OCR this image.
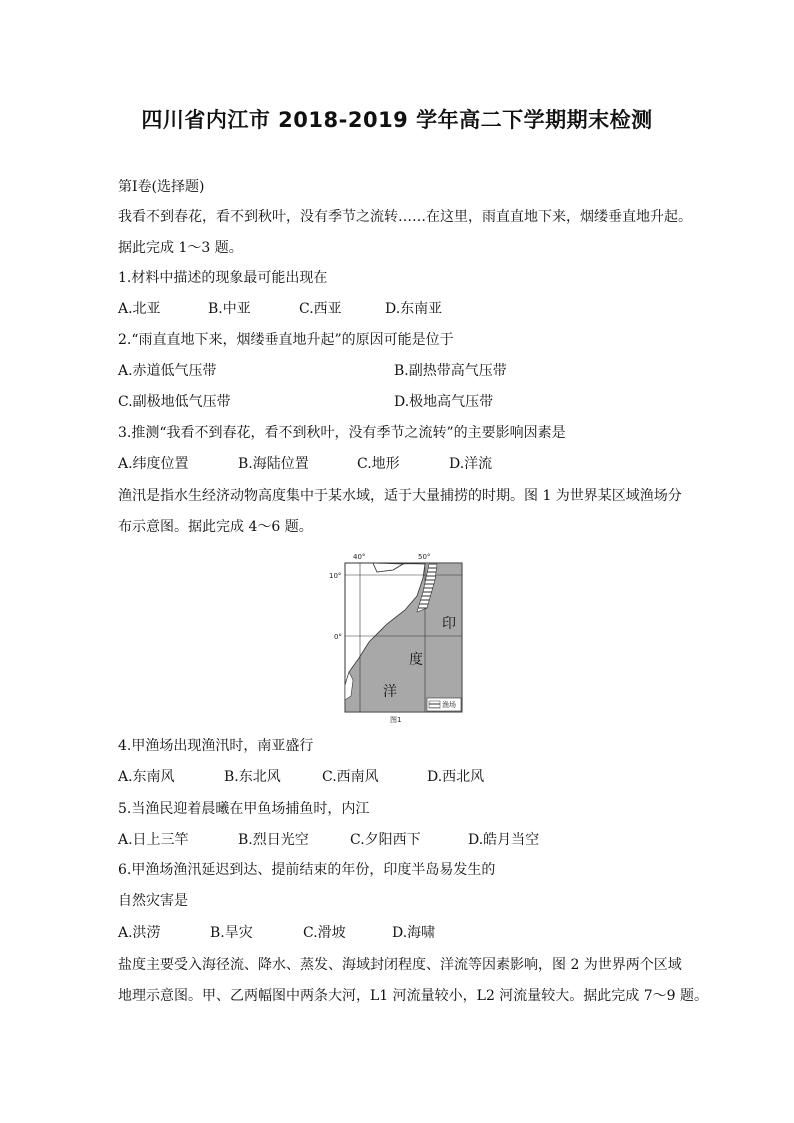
四川省内江市 2018-2019 学年高二下学期期末检测
第Ⅰ卷(选择题)
我看不到春花，看不到秋叶，没有季节之流转……在这里，雨直直地下来，烟缕垂直地升起。
据此完成 1～3 题。
1.材料中描述的现象最可能出现在
A.北亚	B.中亚	C.西亚	D.东南亚
2.“雨直直地下来，烟缕垂直地升起”的原因可能是位于
A.赤道低气压带	B.副热带高气压带
C.副极地低气压带	D.极地高气压带
3.推测“我看不到春花，看不到秋叶，没有季节之流转”的主要影响因素是
A.纬度位置	B.海陆位置	C.地形	D.洋流
渔汛是指水生经济动物高度集中于某水域，适于大量捕捞的时期。图 1 为世界某区域渔场分
布示意图。据此完成 4～6 题。
40°	50°
10°
0°
印
度
洋
渔场
图1
4.甲渔场出现渔汛时，南亚盛行
A.东南风	B.东北风	C.西南风	D.西北风
5.当渔民迎着晨曦在甲鱼场捕鱼时，内江
A.日上三竿	B.烈日光空	C.夕阳西下	D.皓月当空
6.甲渔场渔汛延迟到达、提前结束的年份，印度半岛易发生的
自然灾害是
A.洪涝	B.旱灾	C.滑坡	D.海啸
盐度主要受入海径流、降水、蒸发、海域封闭程度、洋流等因素影响，图 2 为世界两个区域
地理示意图。甲、乙两幅图中两条大河，L1 河流量较小，L2 河流量较大。据此完成 7～9 题。
